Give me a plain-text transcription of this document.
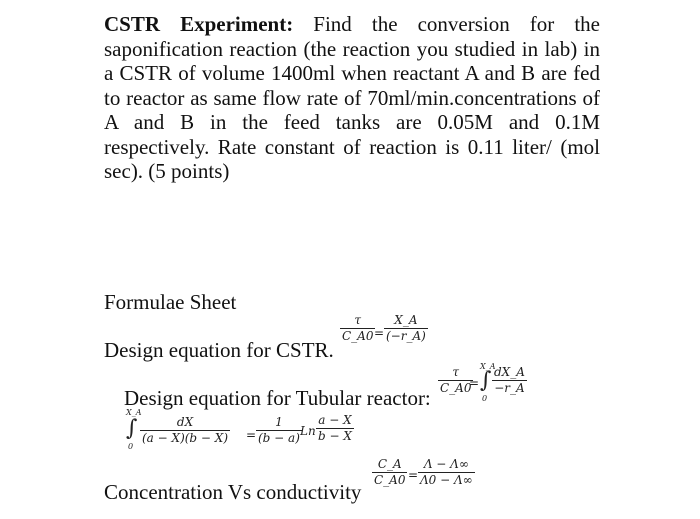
CSTR Experiment: Find the conversion for the saponification reaction (the reaction you studied in lab) in a CSTR of volume 1400ml when reactant A and B are fed to reactor as same flow rate of 70ml/min.concentrations of A and B in the feed tanks are 0.05M and 0.1M respectively. Rate constant of reaction is 0.11 liter/ (mol sec). (5 points)
Formulae Sheet
Design equation for CSTR.
τ
C_A0 =
X_A
(−r_A)
Design equation for Tubular reactor:
τ
C_A0
=
X_A
∫
0
dX_A
−r_A
X_A
∫
0
dX
(a − X)(b − X) =
1
(b − a) Ln
a − X
b − X
Concentration Vs conductivity
C_A
C_A0 =
Λ − Λ∞
Λ0 − Λ∞
